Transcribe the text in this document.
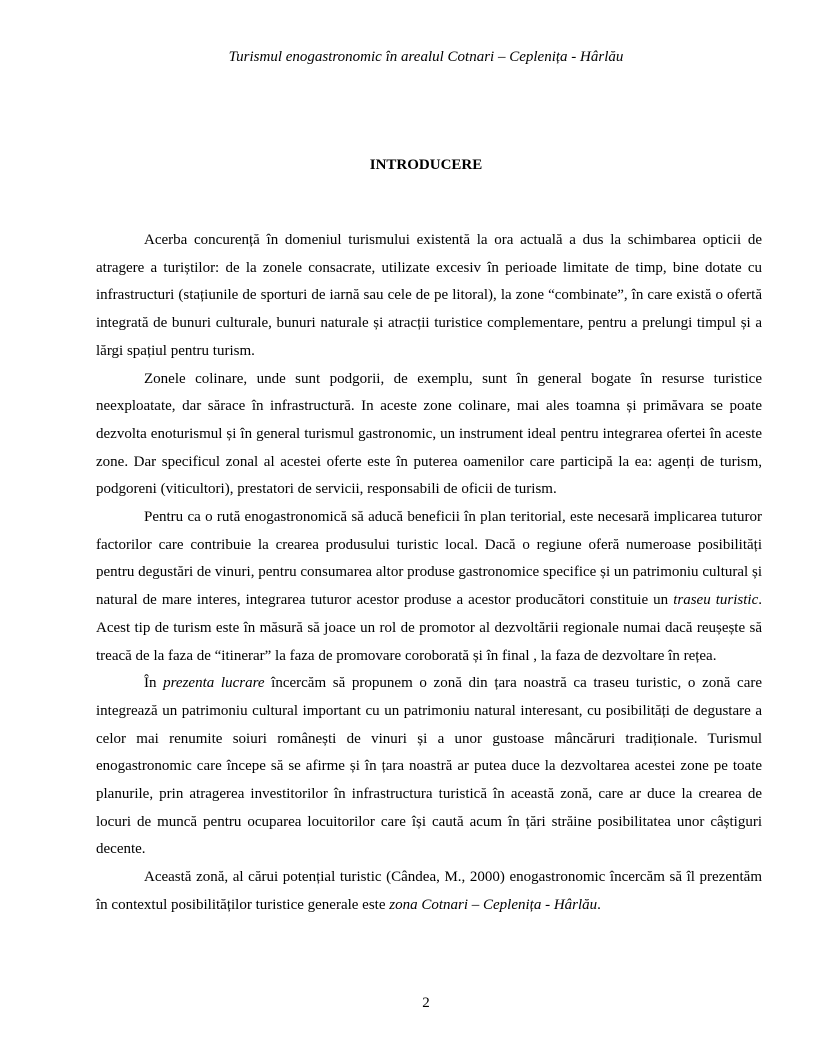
Turismul enogastronomic în arealul Cotnari – Ceplenița - Hârlău
INTRODUCERE

Acerba concurență în domeniul turismului existentă la ora actuală a dus la schimbarea opticii de atragere a turiștilor: de la zonele consacrate, utilizate excesiv în perioade limitate de timp, bine dotate cu infrastructuri (stațiunile de sporturi de iarnă sau cele de pe litoral), la zone “combinate”, în care există o ofertă integrată de bunuri culturale, bunuri naturale și atracții turistice complementare, pentru a prelungi timpul și a lărgi spațiul pentru turism.

Zonele colinare, unde sunt podgorii, de exemplu, sunt în general bogate în resurse turistice neexploatate, dar sărace în infrastructură. In aceste zone colinare, mai ales toamna și primăvara se poate dezvolta enoturismul și în general turismul gastronomic, un instrument ideal pentru integrarea ofertei în aceste zone. Dar specificul zonal al acestei oferte este în puterea oamenilor care participă la ea: agenți de turism, podgoreni (viticultori), prestatori de servicii, responsabili de oficii de turism.

Pentru ca o rută enogastronomică să aducă beneficii în plan teritorial, este necesară implicarea tuturor factorilor care contribuie la crearea produsului turistic local. Dacă o regiune oferă numeroase posibilități pentru degustări de vinuri, pentru consumarea altor produse gastronomice specifice și un patrimoniu cultural și natural de mare interes, integrarea tuturor acestor produse a acestor producători constituie un traseu turistic. Acest tip de turism este în măsură să joace un rol de promotor al dezvoltării regionale numai dacă reușește să treacă de la faza de “itinerar” la faza de promovare coroborată și în final , la faza de dezvoltare în rețea.

În prezenta lucrare încercăm să propunem o zonă din țara noastră ca traseu turistic, o zonă care integrează un patrimoniu cultural important cu un patrimoniu natural interesant, cu posibilități de degustare a celor mai renumite soiuri românești de vinuri și a unor gustoase mâncăruri tradiționale. Turismul enogastronomic care începe să se afirme și în țara noastră ar putea duce la dezvoltarea acestei zone pe toate planurile, prin atragerea investitorilor în infrastructura turistică în această zonă, care ar duce la crearea de locuri de muncă pentru ocuparea locuitorilor care își caută acum în țări străine posibilitatea unor câștiguri decente.

Această zonă, al cărui potențial turistic (Cândea, M., 2000) enogastronomic încercăm să îl prezentăm în contextul posibilităților turistice generale este zona Cotnari – Ceplenița - Hârlău.

2
